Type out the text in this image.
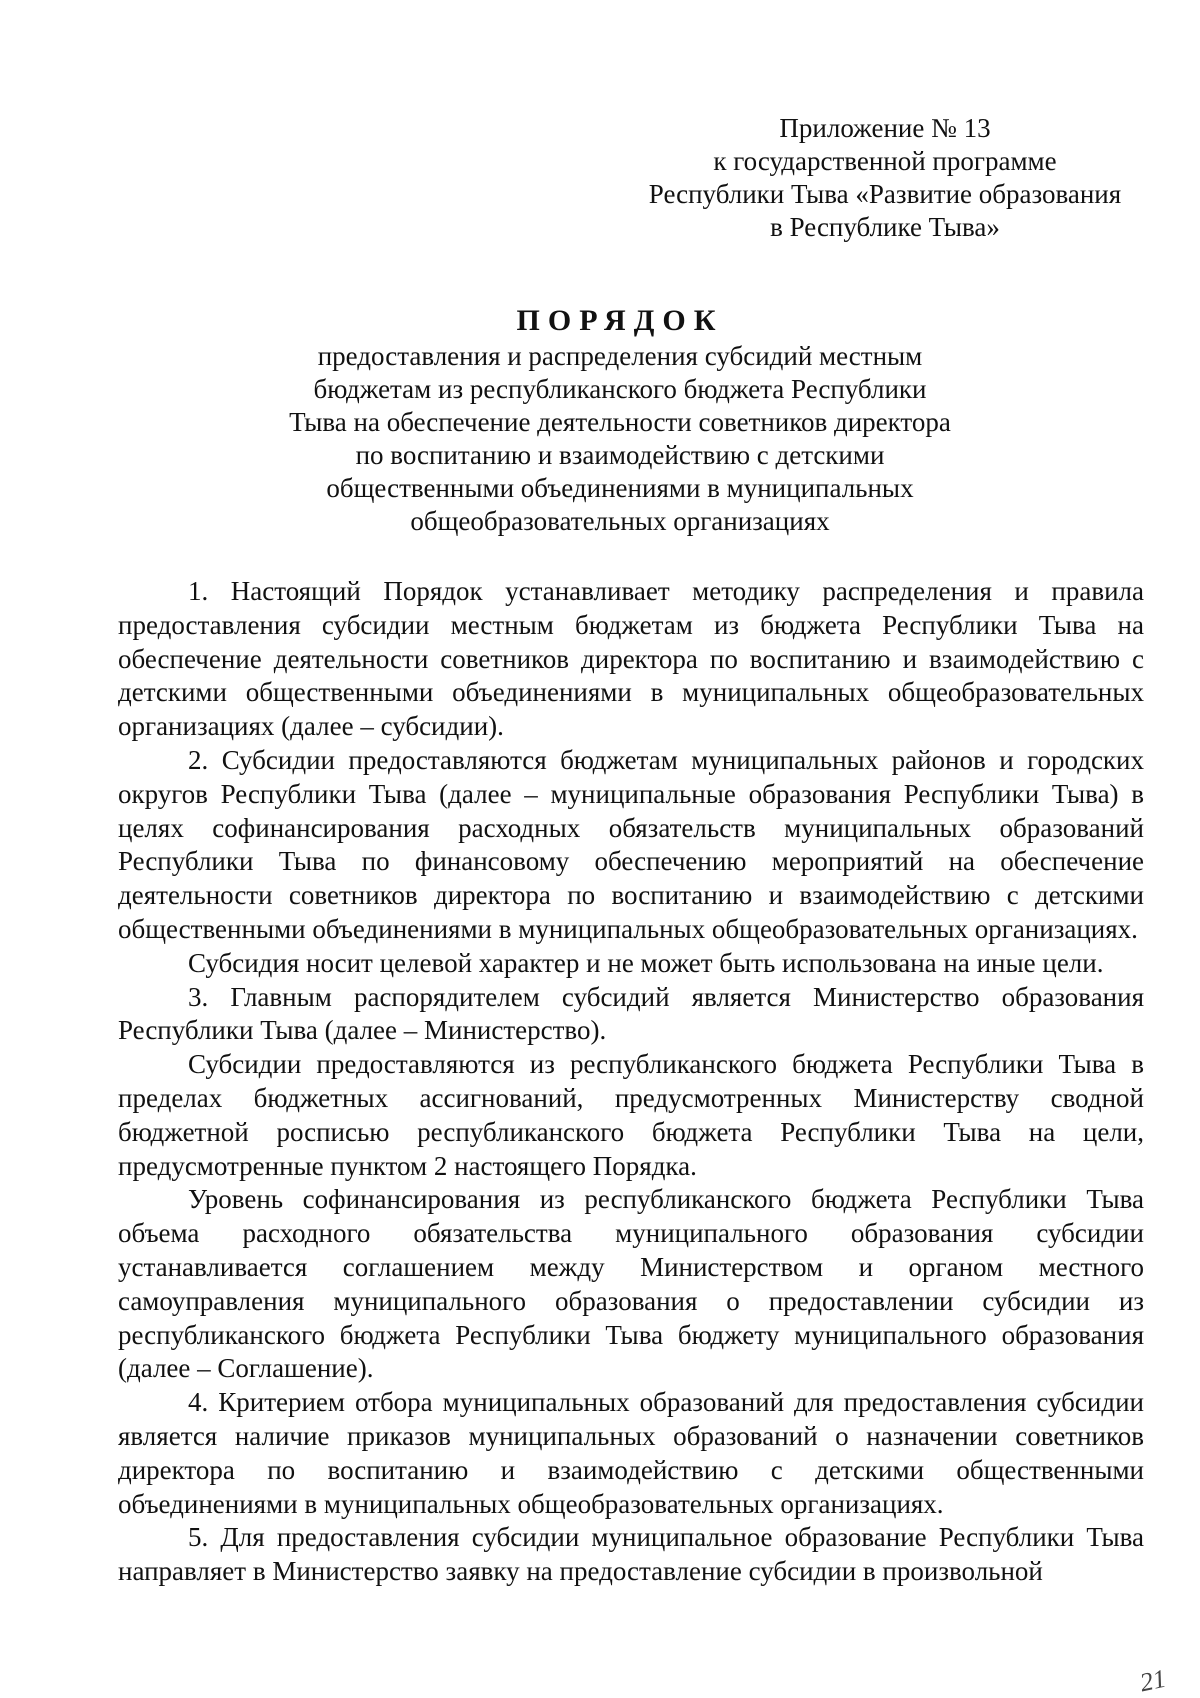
Приложение № 13
к государственной программе
Республики Тыва «Развитие образования
в Республике Тыва»
ПОРЯДОК
предоставления и распределения субсидий местным
бюджетам из республиканского бюджета Республики
Тыва на обеспечение деятельности советников директора
по воспитанию и взаимодействию с детскими
общественными объединениями в муниципальных
общеобразовательных организациях

1. Настоящий Порядок устанавливает методику распределения и правила предоставления субсидии местным бюджетам из бюджета Республики Тыва на обеспечение деятельности советников директора по воспитанию и взаимодействию с детскими общественными объединениями в муниципальных общеобразовательных организациях (далее – субсидии).

2. Субсидии предоставляются бюджетам муниципальных районов и городских округов Республики Тыва (далее – муниципальные образования Республики Тыва) в целях софинансирования расходных обязательств муниципальных образований Республики Тыва по финансовому обеспечению мероприятий на обеспечение деятельности советников директора по воспитанию и взаимодействию с детскими общественными объединениями в муниципальных общеобразовательных организациях.

Субсидия носит целевой характер и не может быть использована на иные цели.

3. Главным распорядителем субсидий является Министерство образования Республики Тыва (далее – Министерство).

Субсидии предоставляются из республиканского бюджета Республики Тыва в пределах бюджетных ассигнований, предусмотренных Министерству сводной бюджетной росписью республиканского бюджета Республики Тыва на цели, предусмотренные пунктом 2 настоящего Порядка.

Уровень софинансирования из республиканского бюджета Республики Тыва объема расходного обязательства муниципального образования субсидии устанавливается соглашением между Министерством и органом местного самоуправления муниципального образования о предоставлении субсидии из республиканского бюджета Республики Тыва бюджету муниципального образования (далее – Соглашение).

4. Критерием отбора муниципальных образований для предоставления субсидии является наличие приказов муниципальных образований о назначении советников директора по воспитанию и взаимодействию с детскими общественными объединениями в муниципальных общеобразовательных организациях.

5. Для предоставления субсидии муниципальное образование Республики Тыва направляет в Министерство заявку на предоставление субсидии в произвольной

21
